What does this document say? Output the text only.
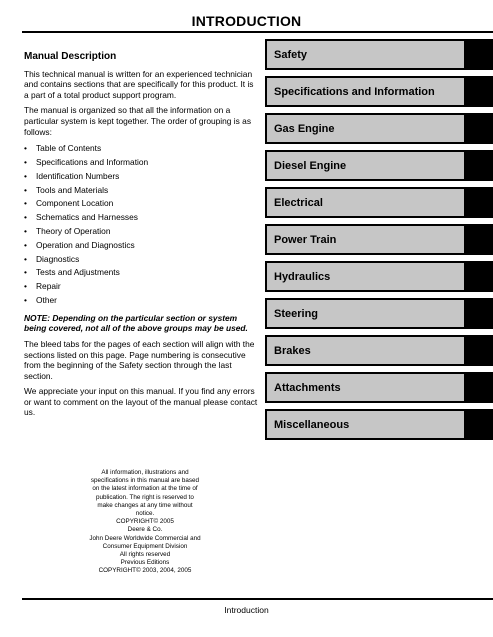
INTRODUCTION
Manual Description

This technical manual is written for an experienced technician and contains sections that are specifically for this product. It is a part of a total product support program.

The manual is organized so that all the information on a particular system is kept together. The order of grouping is as follows:

• Table of Contents
• Specifications and Information
• Identification Numbers
• Tools and Materials
• Component Location
• Schematics and Harnesses
• Theory of Operation
• Operation and Diagnostics
• Diagnostics
• Tests and Adjustments
• Repair
• Other

NOTE: Depending on the particular section or system being covered, not all of the above groups may be used.

The bleed tabs for the pages of each section will align with the sections listed on this page. Page numbering is consecutive from the beginning of the Safety section through the last section.

We appreciate your input on this manual. If you find any errors or want to comment on the layout of the manual please contact us.

Safety
Specifications and Information
Gas Engine
Diesel Engine
Electrical
Power Train
Hydraulics
Steering
Brakes
Attachments
Miscellaneous
All information, illustrations and
specifications in this manual are based
on the latest information at the time of
publication. The right is reserved to
make changes at any time without
notice.
COPYRIGHT© 2005
Deere & Co.
John Deere Worldwide Commercial and
Consumer Equipment Division
All rights reserved
Previous Editions
COPYRIGHT© 2003, 2004, 2005
Introduction
